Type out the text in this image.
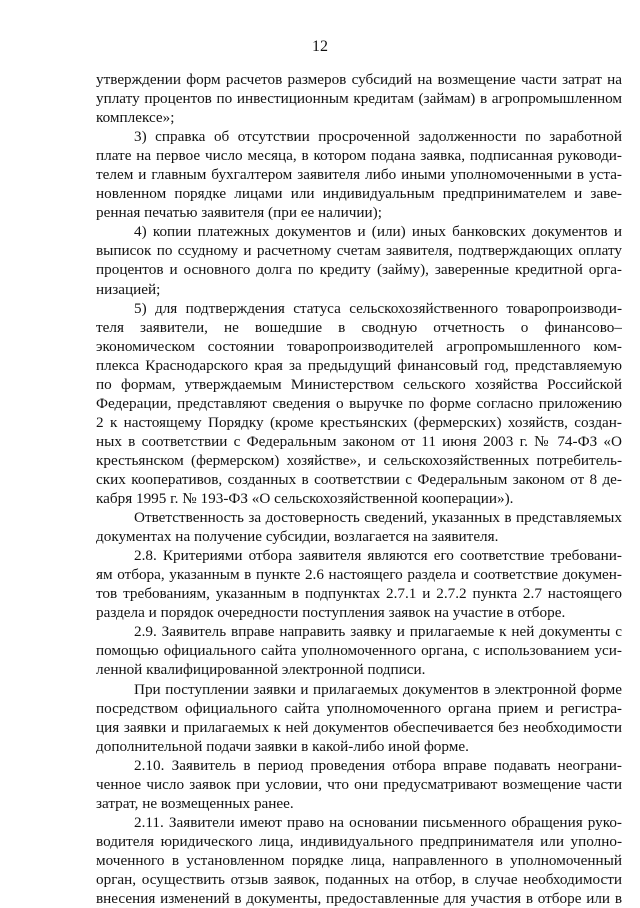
12
утверждении форм расчетов размеров субсидий на возмещение части затрат на
уплату процентов по инвестиционным кредитам (займам) в агропромышленном
комплексе»;
3) справка об отсутствии просроченной задолженности по заработной
плате на первое число месяца, в котором подана заявка, подписанная руководи-
телем и главным бухгалтером заявителя либо иными уполномоченными в уста-
новленном порядке лицами или индивидуальным предпринимателем и заве-
ренная печатью заявителя (при ее наличии);
4) копии платежных документов и (или) иных банковских документов и
выписок по ссудному и расчетному счетам заявителя, подтверждающих оплату
процентов и основного долга по кредиту (займу), заверенные кредитной орга-
низацией;
5) для подтверждения статуса сельскохозяйственного товаропроизводи-
теля заявители, не вошедшие в сводную отчетность о финансово–
экономическом состоянии товаропроизводителей агропромышленного ком-
плекса Краснодарского края за предыдущий финансовый год, представляемую
по формам, утверждаемым Министерством сельского хозяйства Российской
Федерации, представляют сведения о выручке по форме согласно приложению
2 к настоящему Порядку (кроме крестьянских (фермерских) хозяйств, создан-
ных в соответствии с Федеральным законом от 11 июня 2003 г. № 74-ФЗ «О
крестьянском (фермерском) хозяйстве», и сельскохозяйственных потребитель-
ских кооперативов, созданных в соответствии с Федеральным законом от 8 де-
кабря 1995 г. № 193-ФЗ «О сельскохозяйственной кооперации»).
Ответственность за достоверность сведений, указанных в представляемых
документах на получение субсидии, возлагается на заявителя.
2.8. Критериями отбора заявителя являются его соответствие требовани-
ям отбора, указанным в пункте 2.6 настоящего раздела и соответствие докумен-
тов требованиям, указанным в подпунктах 2.7.1 и 2.7.2 пункта 2.7 настоящего
раздела и порядок очередности поступления заявок на участие в отборе.
2.9. Заявитель вправе направить заявку и прилагаемые к ней документы с
помощью официального сайта уполномоченного органа, с использованием уси-
ленной квалифицированной электронной подписи.
При поступлении заявки и прилагаемых документов в электронной форме
посредством официального сайта уполномоченного органа прием и регистра-
ция заявки и прилагаемых к ней документов обеспечивается без необходимости
дополнительной подачи заявки в какой-либо иной форме.
2.10. Заявитель в период проведения отбора вправе подавать неограни-
ченное число заявок при условии, что они предусматривают возмещение части
затрат, не возмещенных ранее.
2.11. Заявители имеют право на основании письменного обращения руко-
водителя юридического лица, индивидуального предпринимателя или уполно-
моченного в установленном порядке лица, направленного в уполномоченный
орган, осуществить отзыв заявок, поданных на отбор, в случае необходимости
внесения изменений в документы, предоставленные для участия в отборе или в
